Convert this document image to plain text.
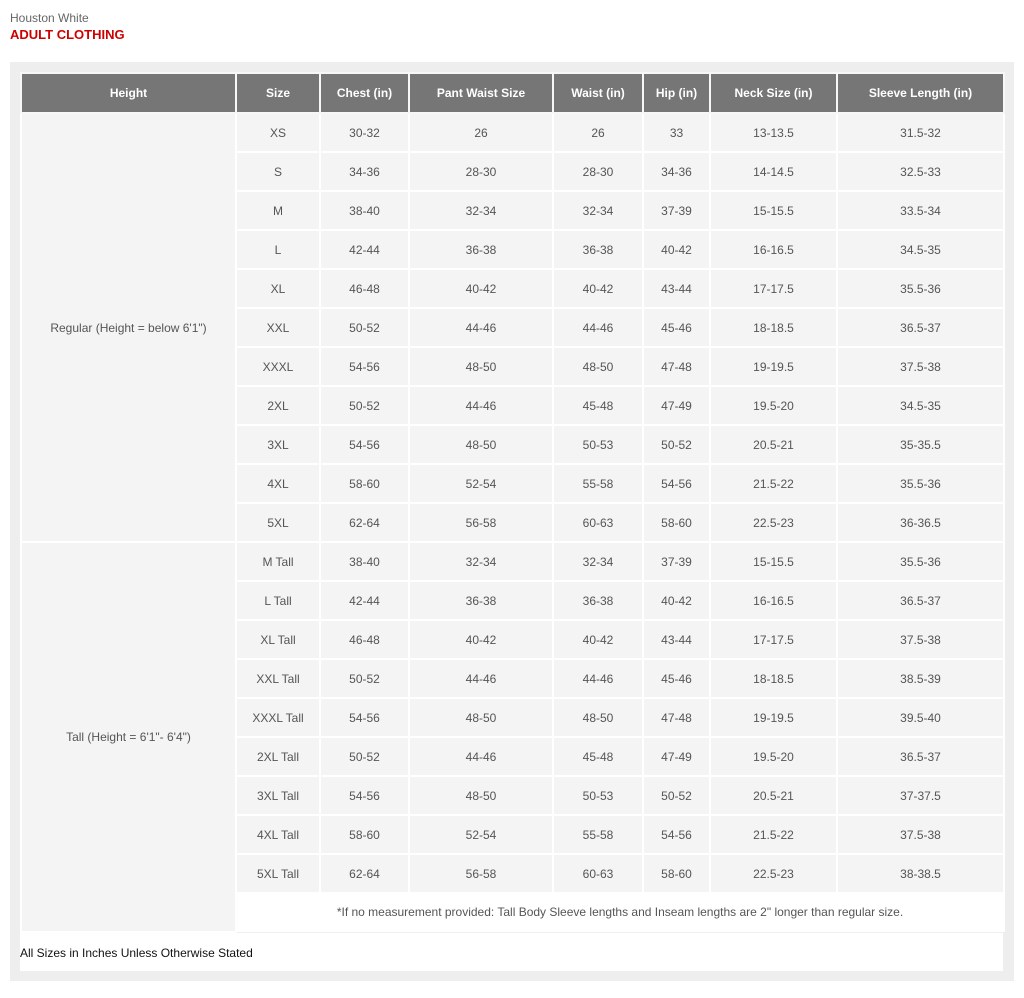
Houston White
ADULT CLOTHING
Height	Size	Chest (in)	Pant Waist Size	Waist (in)	Hip (in)	Neck Size (in)	Sleeve Length (in)
Regular (Height = below 6'1")	XS	30-32	26	26	33	13-13.5	31.5-32
	S	34-36	28-30	28-30	34-36	14-14.5	32.5-33
	M	38-40	32-34	32-34	37-39	15-15.5	33.5-34
	L	42-44	36-38	36-38	40-42	16-16.5	34.5-35
	XL	46-48	40-42	40-42	43-44	17-17.5	35.5-36
	XXL	50-52	44-46	44-46	45-46	18-18.5	36.5-37
	XXXL	54-56	48-50	48-50	47-48	19-19.5	37.5-38
	2XL	50-52	44-46	45-48	47-49	19.5-20	34.5-35
	3XL	54-56	48-50	50-53	50-52	20.5-21	35-35.5
	4XL	58-60	52-54	55-58	54-56	21.5-22	35.5-36
	5XL	62-64	56-58	60-63	58-60	22.5-23	36-36.5
Tall (Height = 6'1"- 6'4")	M Tall	38-40	32-34	32-34	37-39	15-15.5	35.5-36
	L Tall	42-44	36-38	36-38	40-42	16-16.5	36.5-37
	XL Tall	46-48	40-42	40-42	43-44	17-17.5	37.5-38
	XXL Tall	50-52	44-46	44-46	45-46	18-18.5	38.5-39
	XXXL Tall	54-56	48-50	48-50	47-48	19-19.5	39.5-40
	2XL Tall	50-52	44-46	45-48	47-49	19.5-20	36.5-37
	3XL Tall	54-56	48-50	50-53	50-52	20.5-21	37-37.5
	4XL Tall	58-60	52-54	55-58	54-56	21.5-22	37.5-38
	5XL Tall	62-64	56-58	60-63	58-60	22.5-23	38-38.5
	*If no measurement provided: Tall Body Sleeve lengths and Inseam lengths are 2" longer than regular size.						

All Sizes in Inches Unless Otherwise Stated
